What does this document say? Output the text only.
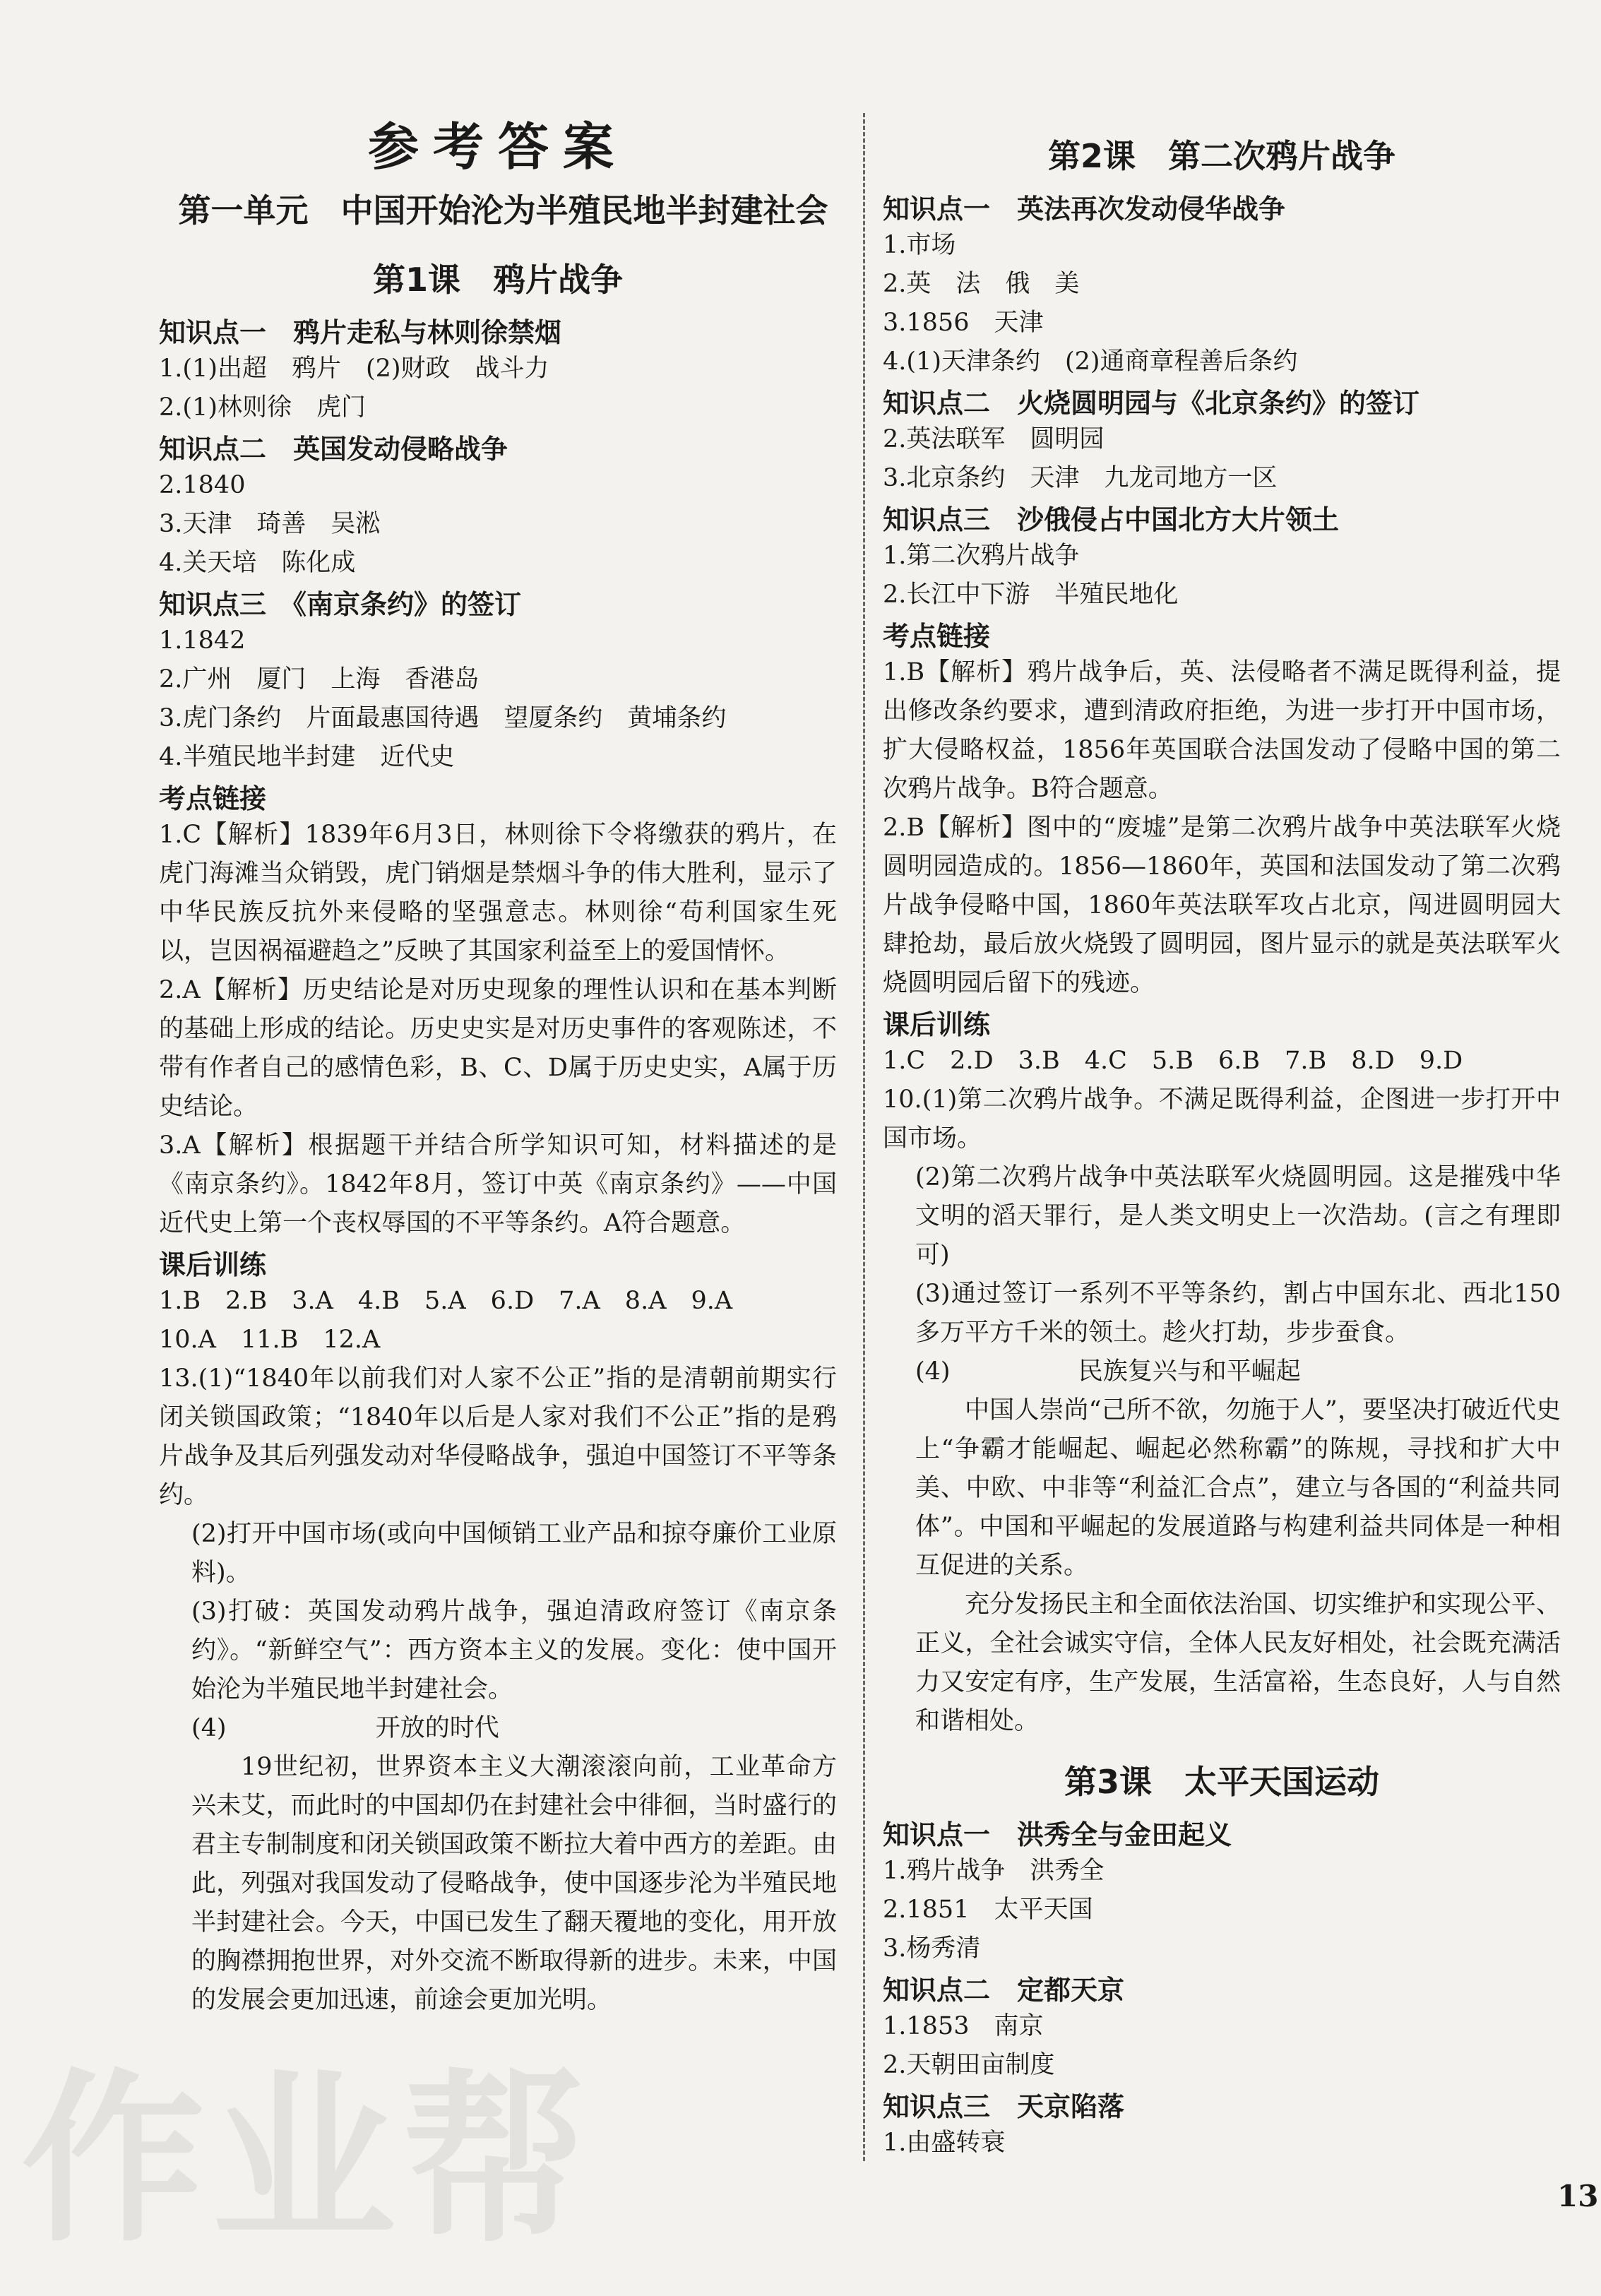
参考答案
第一单元　中国开始沦为半殖民地半封建社会
第1课　鸦片战争
知识点一　鸦片走私与林则徐禁烟
1.(1)出超　鸦片　(2)财政　战斗力
2.(1)林则徐　虎门
知识点二　英国发动侵略战争
2.1840
3.天津　琦善　吴淞
4.关天培　陈化成
知识点三　《南京条约》的签订
1.1842
2.广州　厦门　上海　香港岛
3.虎门条约　片面最惠国待遇　望厦条约　黄埔条约
4.半殖民地半封建　近代史
考点链接
1.C【解析】1839年6月3日，林则徐下令将缴获的鸦片，在虎门海滩当众销毁，虎门销烟是禁烟斗争的伟大胜利，显示了中华民族反抗外来侵略的坚强意志。林则徐“苟利国家生死以，岂因祸福避趋之”反映了其国家利益至上的爱国情怀。
2.A【解析】历史结论是对历史现象的理性认识和在基本判断的基础上形成的结论。历史史实是对历史事件的客观陈述，不带有作者自己的感情色彩，B、C、D属于历史史实，A属于历史结论。
3.A【解析】根据题干并结合所学知识可知，材料描述的是《南京条约》。1842年8月，签订中英《南京条约》——中国近代史上第一个丧权辱国的不平等条约。A符合题意。
课后训练
1.B　2.B　3.A　4.B　5.A　6.D　7.A　8.A　9.A
10.A　11.B　12.A
13.(1)“1840年以前我们对人家不公正”指的是清朝前期实行闭关锁国政策；“1840年以后是人家对我们不公正”指的是鸦片战争及其后列强发动对华侵略战争，强迫中国签订不平等条约。
(2)打开中国市场(或向中国倾销工业产品和掠夺廉价工业原料)。
(3)打破：英国发动鸦片战争，强迫清政府签订《南京条约》。“新鲜空气”：西方资本主义的发展。变化：使中国开始沦为半殖民地半封建社会。
(4)	开放的时代
19世纪初，世界资本主义大潮滚滚向前，工业革命方兴未艾，而此时的中国却仍在封建社会中徘徊，当时盛行的君主专制制度和闭关锁国政策不断拉大着中西方的差距。由此，列强对我国发动了侵略战争，使中国逐步沦为半殖民地半封建社会。今天，中国已发生了翻天覆地的变化，用开放的胸襟拥抱世界，对外交流不断取得新的进步。未来，中国的发展会更加迅速，前途会更加光明。
第2课　第二次鸦片战争
知识点一　英法再次发动侵华战争
1.市场
2.英　法　俄　美
3.1856　天津
4.(1)天津条约　(2)通商章程善后条约
知识点二　火烧圆明园与《北京条约》的签订
2.英法联军　圆明园
3.北京条约　天津　九龙司地方一区
知识点三　沙俄侵占中国北方大片领土
1.第二次鸦片战争
2.长江中下游　半殖民地化
考点链接
1.B【解析】鸦片战争后，英、法侵略者不满足既得利益，提出修改条约要求，遭到清政府拒绝，为进一步打开中国市场，扩大侵略权益，1856年英国联合法国发动了侵略中国的第二次鸦片战争。B符合题意。
2.B【解析】图中的“废墟”是第二次鸦片战争中英法联军火烧圆明园造成的。1856—1860年，英国和法国发动了第二次鸦片战争侵略中国，1860年英法联军攻占北京，闯进圆明园大肆抢劫，最后放火烧毁了圆明园，图片显示的就是英法联军火烧圆明园后留下的残迹。
课后训练
1.C　2.D　3.B　4.C　5.B　6.B　7.B　8.D　9.D
10.(1)第二次鸦片战争。不满足既得利益，企图进一步打开中国市场。
(2)第二次鸦片战争中英法联军火烧圆明园。这是摧残中华文明的滔天罪行，是人类文明史上一次浩劫。(言之有理即可)
(3)通过签订一系列不平等条约，割占中国东北、西北150多万平方千米的领土。趁火打劫，步步蚕食。
(4)	民族复兴与和平崛起
中国人崇尚“己所不欲，勿施于人”，要坚决打破近代史上“争霸才能崛起、崛起必然称霸”的陈规，寻找和扩大中美、中欧、中非等“利益汇合点”，建立与各国的“利益共同体”。中国和平崛起的发展道路与构建利益共同体是一种相互促进的关系。
充分发扬民主和全面依法治国、切实维护和实现公平、正义，全社会诚实守信，全体人民友好相处，社会既充满活力又安定有序，生产发展，生活富裕，生态良好，人与自然和谐相处。
第3课　太平天国运动
知识点一　洪秀全与金田起义
1.鸦片战争　洪秀全
2.1851　太平天国
3.杨秀清
知识点二　定都天京
1.1853　南京
2.天朝田亩制度
知识点三　天京陷落
1.由盛转衰
作业帮	13
